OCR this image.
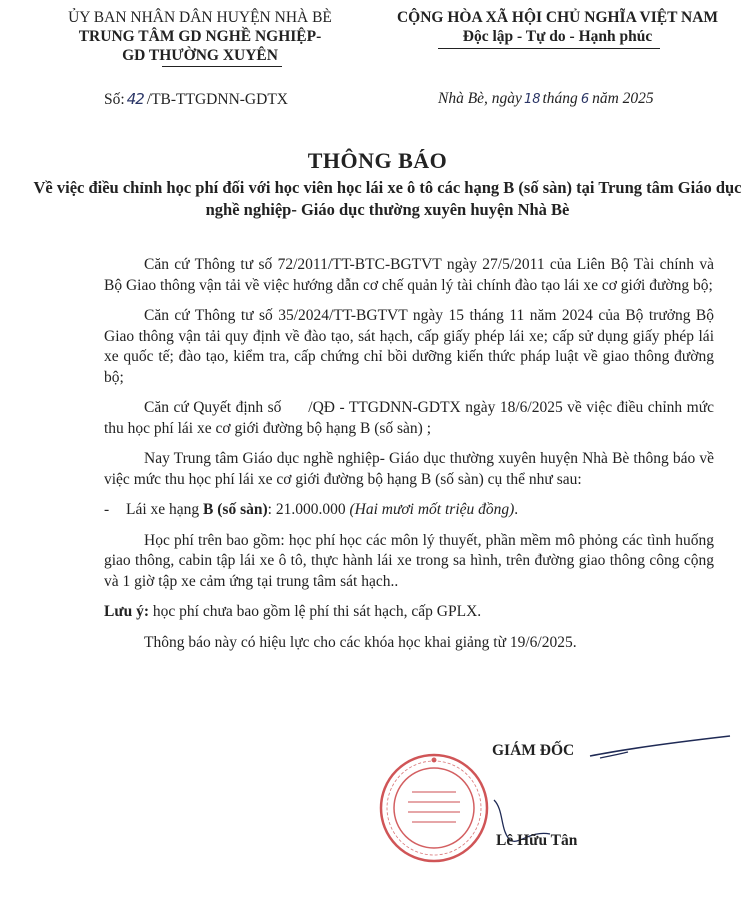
ỦY BAN NHÂN DÂN HUYỆN NHÀ BÈ
TRUNG TÂM GD NGHỀ NGHIỆP-
GD THƯỜNG XUYÊN
CỘNG HÒA XÃ HỘI CHỦ NGHĨA VIỆT NAM
Độc lập - Tự do - Hạnh phúc
Số: 42 /TB-TTGDNN-GDTX	Nhà Bè, ngày 18 tháng 6 năm 2025
THÔNG BÁO
Về việc điều chỉnh học phí đối với học viên học lái xe ô tô các hạng B (số sàn) tại Trung tâm Giáo dục nghề nghiệp- Giáo dục thường xuyên huyện Nhà Bè

Căn cứ Thông tư số 72/2011/TT-BTC-BGTVT ngày 27/5/2011 của Liên Bộ Tài chính và Bộ Giao thông vận tải về việc hướng dẫn cơ chế quản lý tài chính đào tạo lái xe cơ giới đường bộ;

Căn cứ Thông tư số 35/2024/TT-BGTVT ngày 15 tháng 11 năm 2024 của Bộ trưởng Bộ Giao thông vận tải quy định về đào tạo, sát hạch, cấp giấy phép lái xe; cấp sử dụng giấy phép lái xe quốc tế; đào tạo, kiểm tra, cấp chứng chỉ bồi dưỡng kiến thức pháp luật về giao thông đường bộ;

Căn cứ Quyết định số      /QĐ - TTGDNN-GDTX ngày 18/6/2025 về việc điều chỉnh mức thu học phí lái xe cơ giới đường bộ hạng B (số sàn) ;

Nay Trung tâm Giáo dục nghề nghiệp- Giáo dục thường xuyên huyện Nhà Bè thông báo về việc mức thu học phí lái xe cơ giới đường bộ hạng B (số sàn) cụ thể như sau:

- Lái xe hạng B (số sàn): 21.000.000 (Hai mươi mốt triệu đồng).

Học phí trên bao gồm: học phí học các môn lý thuyết, phần mềm mô phỏng các tình huống giao thông, cabin tập lái xe ô tô, thực hành lái xe trong sa hình, trên đường giao thông công cộng và 1 giờ tập xe cảm ứng tại trung tâm sát hạch..

Lưu ý: học phí chưa bao gồm lệ phí thi sát hạch, cấp GPLX.

Thông báo này có hiệu lực cho các khóa học khai giảng từ 19/6/2025.

GIÁM ĐỐC
Lê Hữu Tân
